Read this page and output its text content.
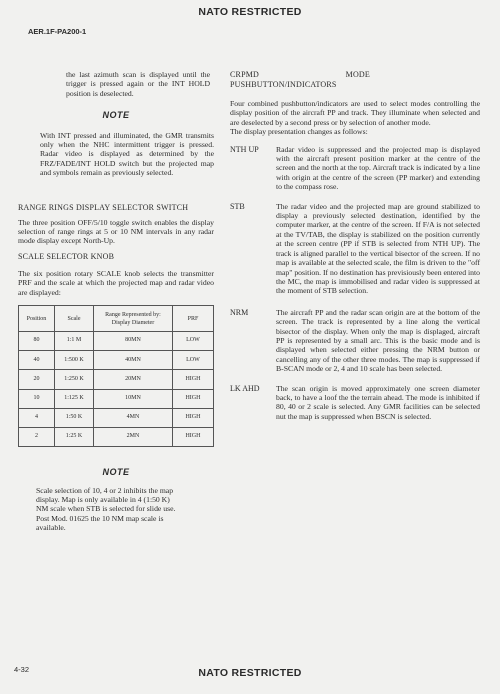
NATO RESTRICTED
AER.1F-PA200-1

the last azimuth scan is displayed until the trigger is pressed again or the INT HOLD position is deselected.

NOTE

With INT pressed and illuminated, the GMR transmits only when the NHC intermittent trigger is pressed. Radar video is displayed as determined by the FRZ/FADE/INT HOLD switch but the projected map and symbols remain as previously selected.

RANGE RINGS DISPLAY SELECTOR SWITCH

The three position OFF/5/10 toggle switch enables the display selection of range rings at 5 or 10 NM intervals in any radar mode display except North-Up.

SCALE SELECTOR KNOB

The six position rotary SCALE knob selects the transmitter PRF and the scale at which the projected map and radar video are displayed:

Position	Scale	Range Represented by: Display Diameter	PRF
80	1:1 M	80MN	LOW
40	1:500 K	40MN	LOW
20	1:250 K	20MN	HIGH
10	1:125 K	10MN	HIGH
4	1:50 K	4MN	HIGH
2	1:25 K	2MN	HIGH

NOTE

Scale selection of 10, 4 or 2 inhibits the map display. Map is only available in 4 (1:50 K) NM scale when STB is selected for slide use.

Post Mod. 01625 the 10 NM map scale is available.

CRPMD MODE PUSHBUTTON/INDICATORS

Four combined pushbutton/indicators are used to select modes controlling the display position of the aircraft PP and track. They illuminate when selected and are deselected by a second press or by selection of another mode.

The display presentation changes as follows:

NTH UP	Radar video is suppressed and the projected map is displayed with the aircraft present position marker at the centre of the screen and the north at the top. Aircraft track is indicated by a line with origin at the centre of the screen (PP marker) and extending to the compass rose.

STB	The radar video and the projected map are ground stabilized to display a previously selected destination, identified by the computer marker, at the centre of the screen. If F/A is not selected at the TV/TAB, the display is stabilized on the position currently at the screen centre (PP if STB is selected from NTH UP). The track is aligned parallel to the vertical bisector of the screen. If no map is available at the selected scale, the film is driven to the "off map" position. If no destination has previsiously been entered into the MC, the map is immobilised and radar video is suppressed at the moment of STB selection.

NRM	The aircraft PP and the radar scan origin are at the bottom of the screen. The track is represented by a line along the vertical bisector of the display. When only the map is displaged, aircraft PP is represented by a small arc. This is the basic mode and is displayed when selected either pressing the NRM button or cancelling any of the other three modes. The map is suppressed if B-SCAN mode or 2, 4 and 10 scale has been selected.

LK AHD	The scan origin is moved approximately one screen diameter back, to have a loof the the terrain ahead. The mode is inhibited if 80, 40 or 2 scale is selected. Any GMR facilities can be selected nut the map is suppressed when BSCN is selected.

4-32	NATO RESTRICTED
